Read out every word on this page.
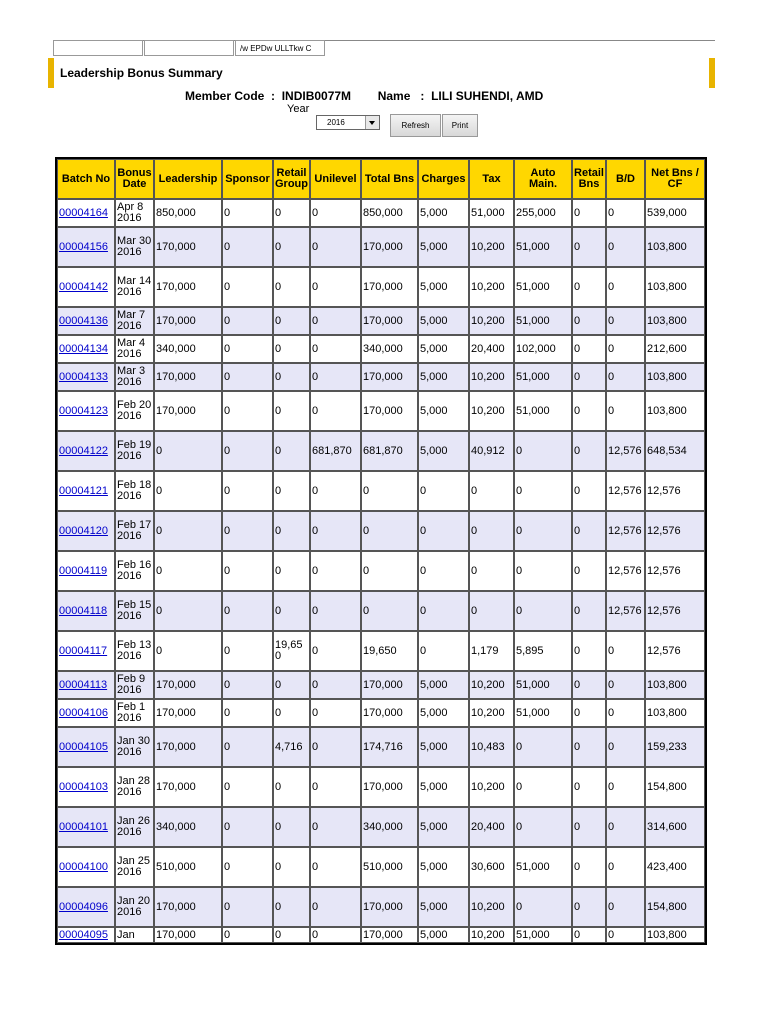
/w EPDw ULLTkw C
Leadership Bonus Summary
Member Code  : INDIB0077M Name   : LILI SUHENDI, AMD
Year
2016	Refresh	Print
Batch No	Bonus Date	Leadership	Sponsor	Retail Group	Unilevel	Total Bns	Charges	Tax	Auto Main.	Retail Bns	B/D	Net Bns / CF
00004164	Apr 8 2016	850,000	0	0	0	850,000	5,000	51,000	255,000	0	0	539,000
00004156	Mar 30 2016	170,000	0	0	0	170,000	5,000	10,200	51,000	0	0	103,800
00004142	Mar 14 2016	170,000	0	0	0	170,000	5,000	10,200	51,000	0	0	103,800
00004136	Mar 7 2016	170,000	0	0	0	170,000	5,000	10,200	51,000	0	0	103,800
00004134	Mar 4 2016	340,000	0	0	0	340,000	5,000	20,400	102,000	0	0	212,600
00004133	Mar 3 2016	170,000	0	0	0	170,000	5,000	10,200	51,000	0	0	103,800
00004123	Feb 20 2016	170,000	0	0	0	170,000	5,000	10,200	51,000	0	0	103,800
00004122	Feb 19 2016	0	0	0	681,870	681,870	5,000	40,912	0	0	12,576	648,534
00004121	Feb 18 2016	0	0	0	0	0	0	0	0	0	12,576	12,576
00004120	Feb 17 2016	0	0	0	0	0	0	0	0	0	12,576	12,576
00004119	Feb 16 2016	0	0	0	0	0	0	0	0	0	12,576	12,576
00004118	Feb 15 2016	0	0	0	0	0	0	0	0	0	12,576	12,576
00004117	Feb 13 2016	0	0	19,650	0	19,650	0	1,179	5,895	0	0	12,576
00004113	Feb 9 2016	170,000	0	0	0	170,000	5,000	10,200	51,000	0	0	103,800
00004106	Feb 1 2016	170,000	0	0	0	170,000	5,000	10,200	51,000	0	0	103,800
00004105	Jan 30 2016	170,000	0	4,716	0	174,716	5,000	10,483	0	0	0	159,233
00004103	Jan 28 2016	170,000	0	0	0	170,000	5,000	10,200	0	0	0	154,800
00004101	Jan 26 2016	340,000	0	0	0	340,000	5,000	20,400	0	0	0	314,600
00004100	Jan 25 2016	510,000	0	0	0	510,000	5,000	30,600	51,000	0	0	423,400
00004096	Jan 20 2016	170,000	0	0	0	170,000	5,000	10,200	0	0	0	154,800
00004095	Jan	170,000	0	0	0	170,000	5,000	10,200	51,000	0	0	103,800
